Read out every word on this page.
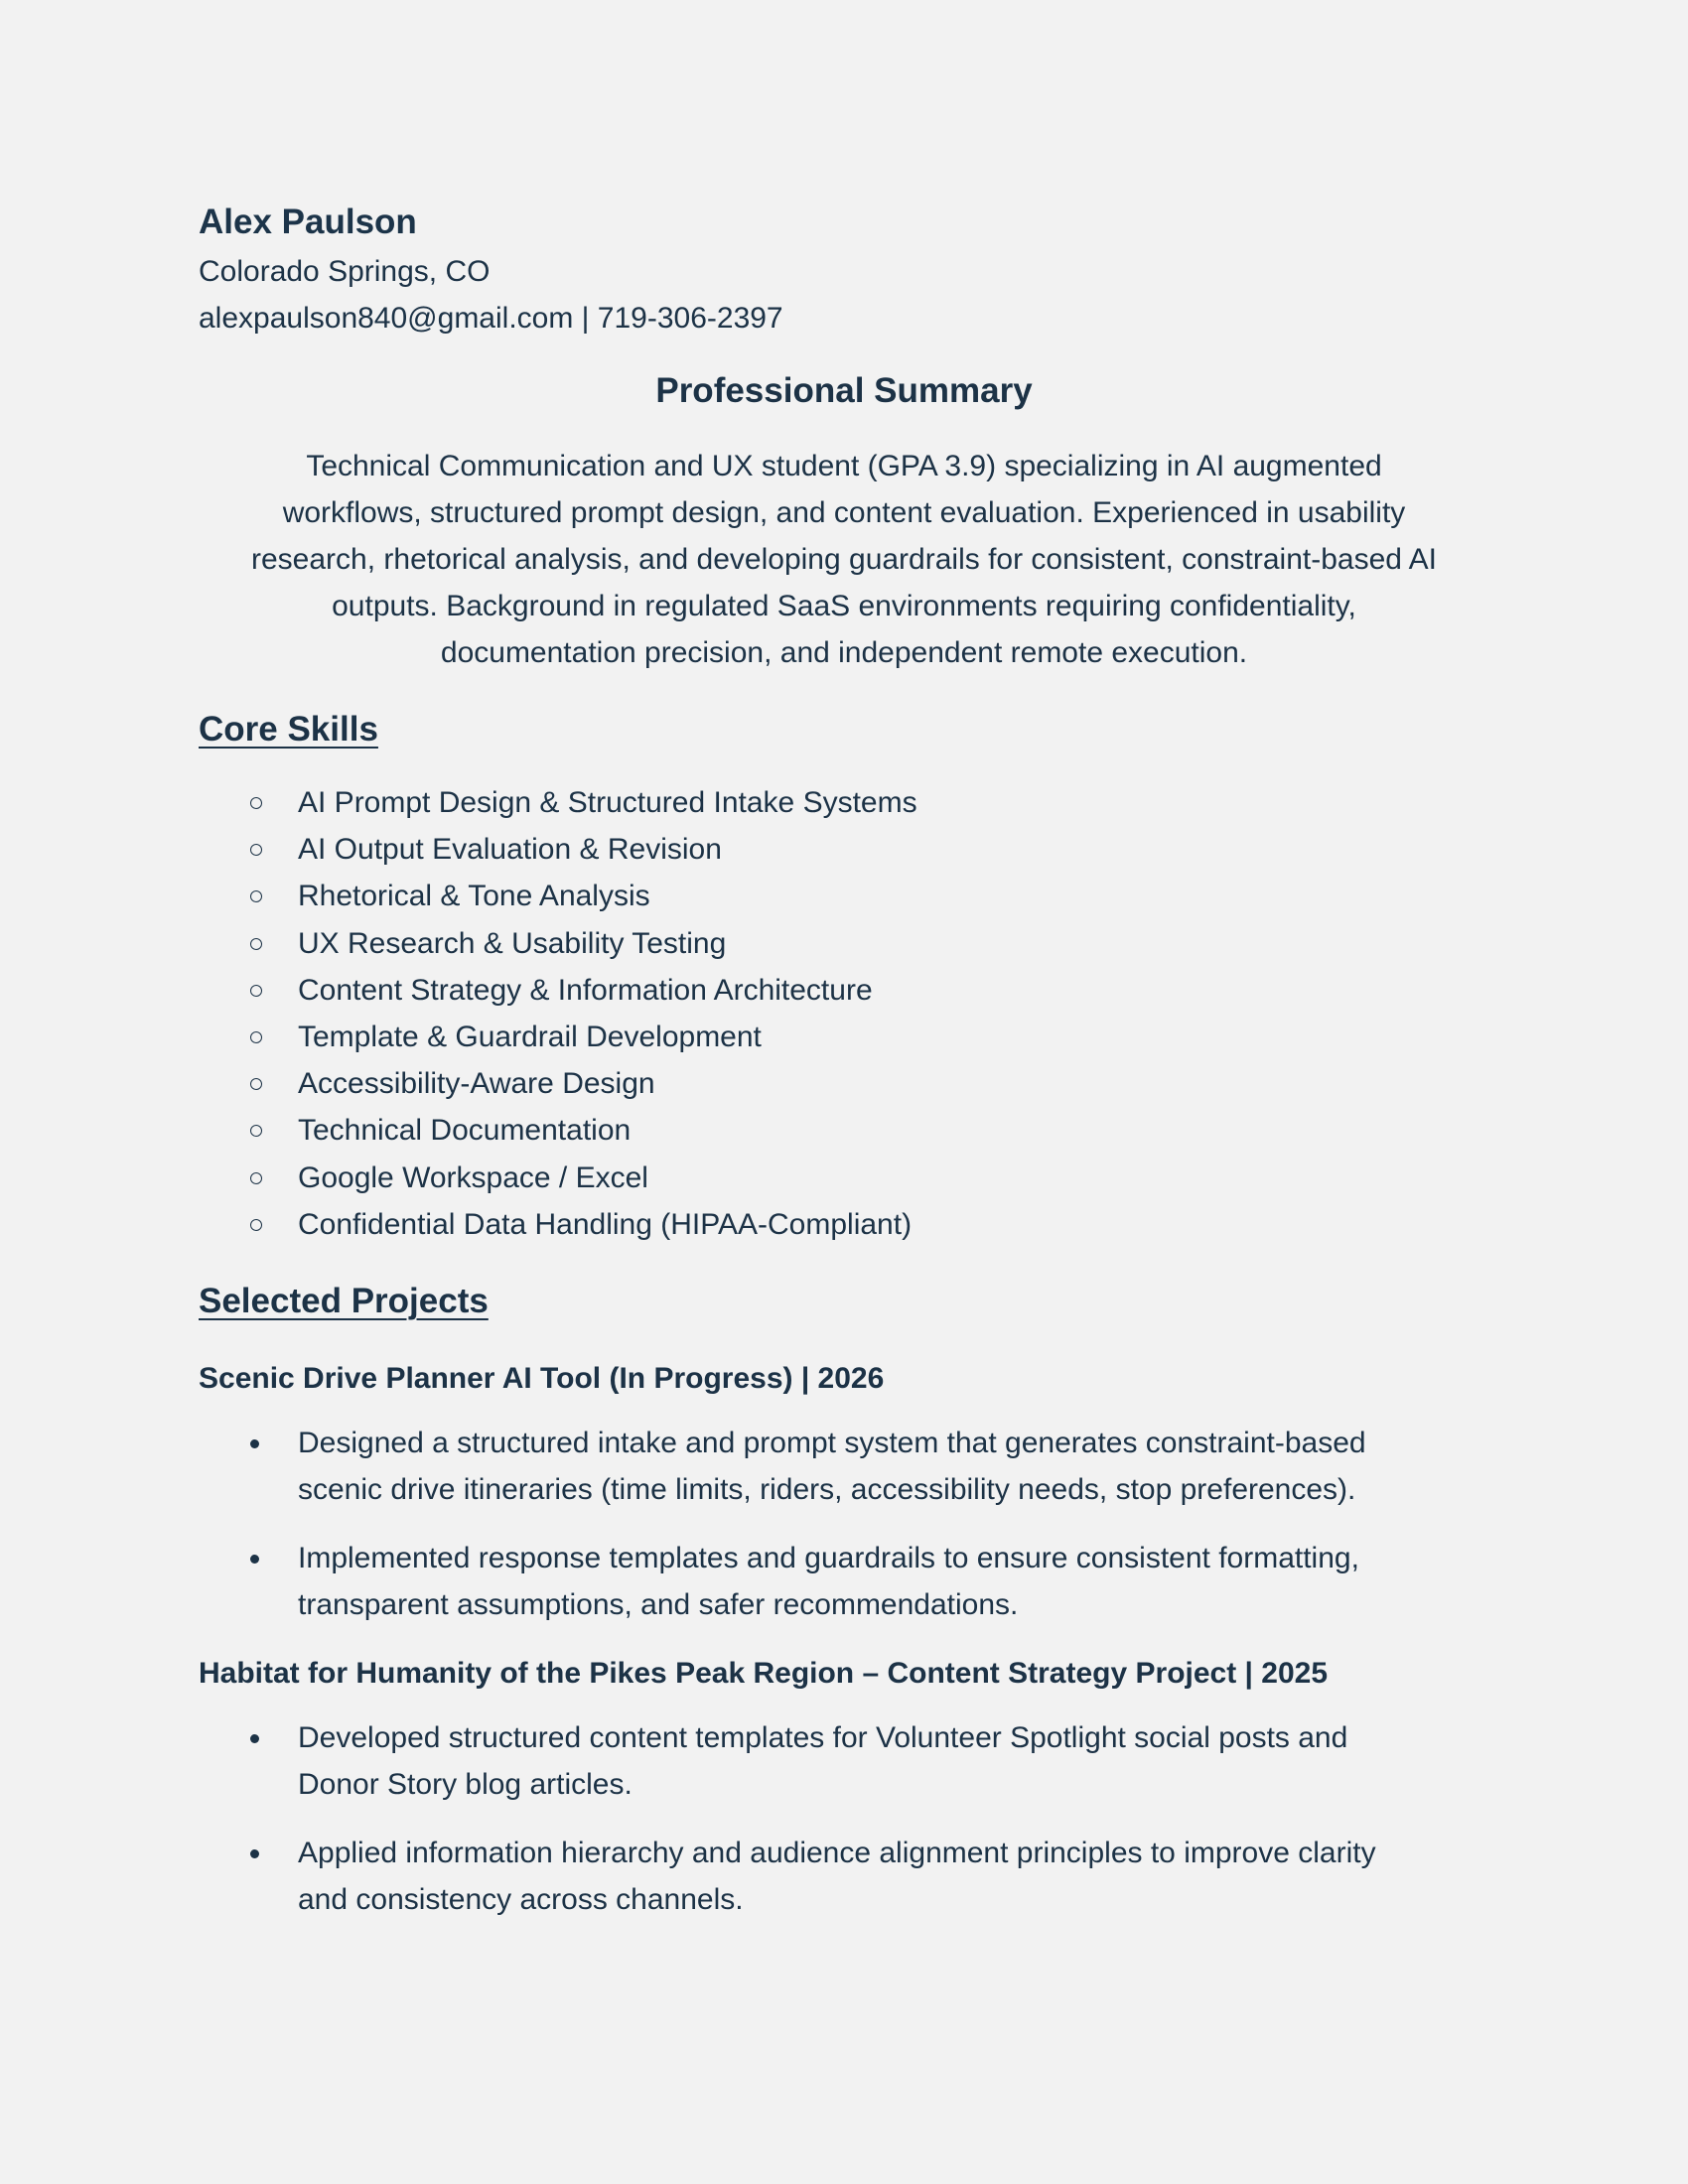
Alex Paulson

Colorado Springs, CO

alexpaulson840@gmail.com | 719-306-2397

Professional Summary
Technical Communication and UX student (GPA 3.9) specializing in AI augmented
workflows, structured prompt design, and content evaluation. Experienced in usability
research, rhetorical analysis, and developing guardrails for consistent, constraint-based AI
outputs. Background in regulated SaaS environments requiring confidentiality,
documentation precision, and independent remote execution.
Core Skills
AI Prompt Design & Structured Intake Systems
AI Output Evaluation & Revision
Rhetorical & Tone Analysis
UX Research & Usability Testing
Content Strategy & Information Architecture
Template & Guardrail Development
Accessibility-Aware Design
Technical Documentation
Google Workspace / Excel
Confidential Data Handling (HIPAA-Compliant)
Selected Projects

Scenic Drive Planner AI Tool (In Progress) | 2026

Designed a structured intake and prompt system that generates constraint-based
scenic drive itineraries (time limits, riders, accessibility needs, stop preferences).
Implemented response templates and guardrails to ensure consistent formatting,
transparent assumptions, and safer recommendations.

Habitat for Humanity of the Pikes Peak Region – Content Strategy Project | 2025

Developed structured content templates for Volunteer Spotlight social posts and
Donor Story blog articles.
Applied information hierarchy and audience alignment principles to improve clarity
and consistency across channels.
